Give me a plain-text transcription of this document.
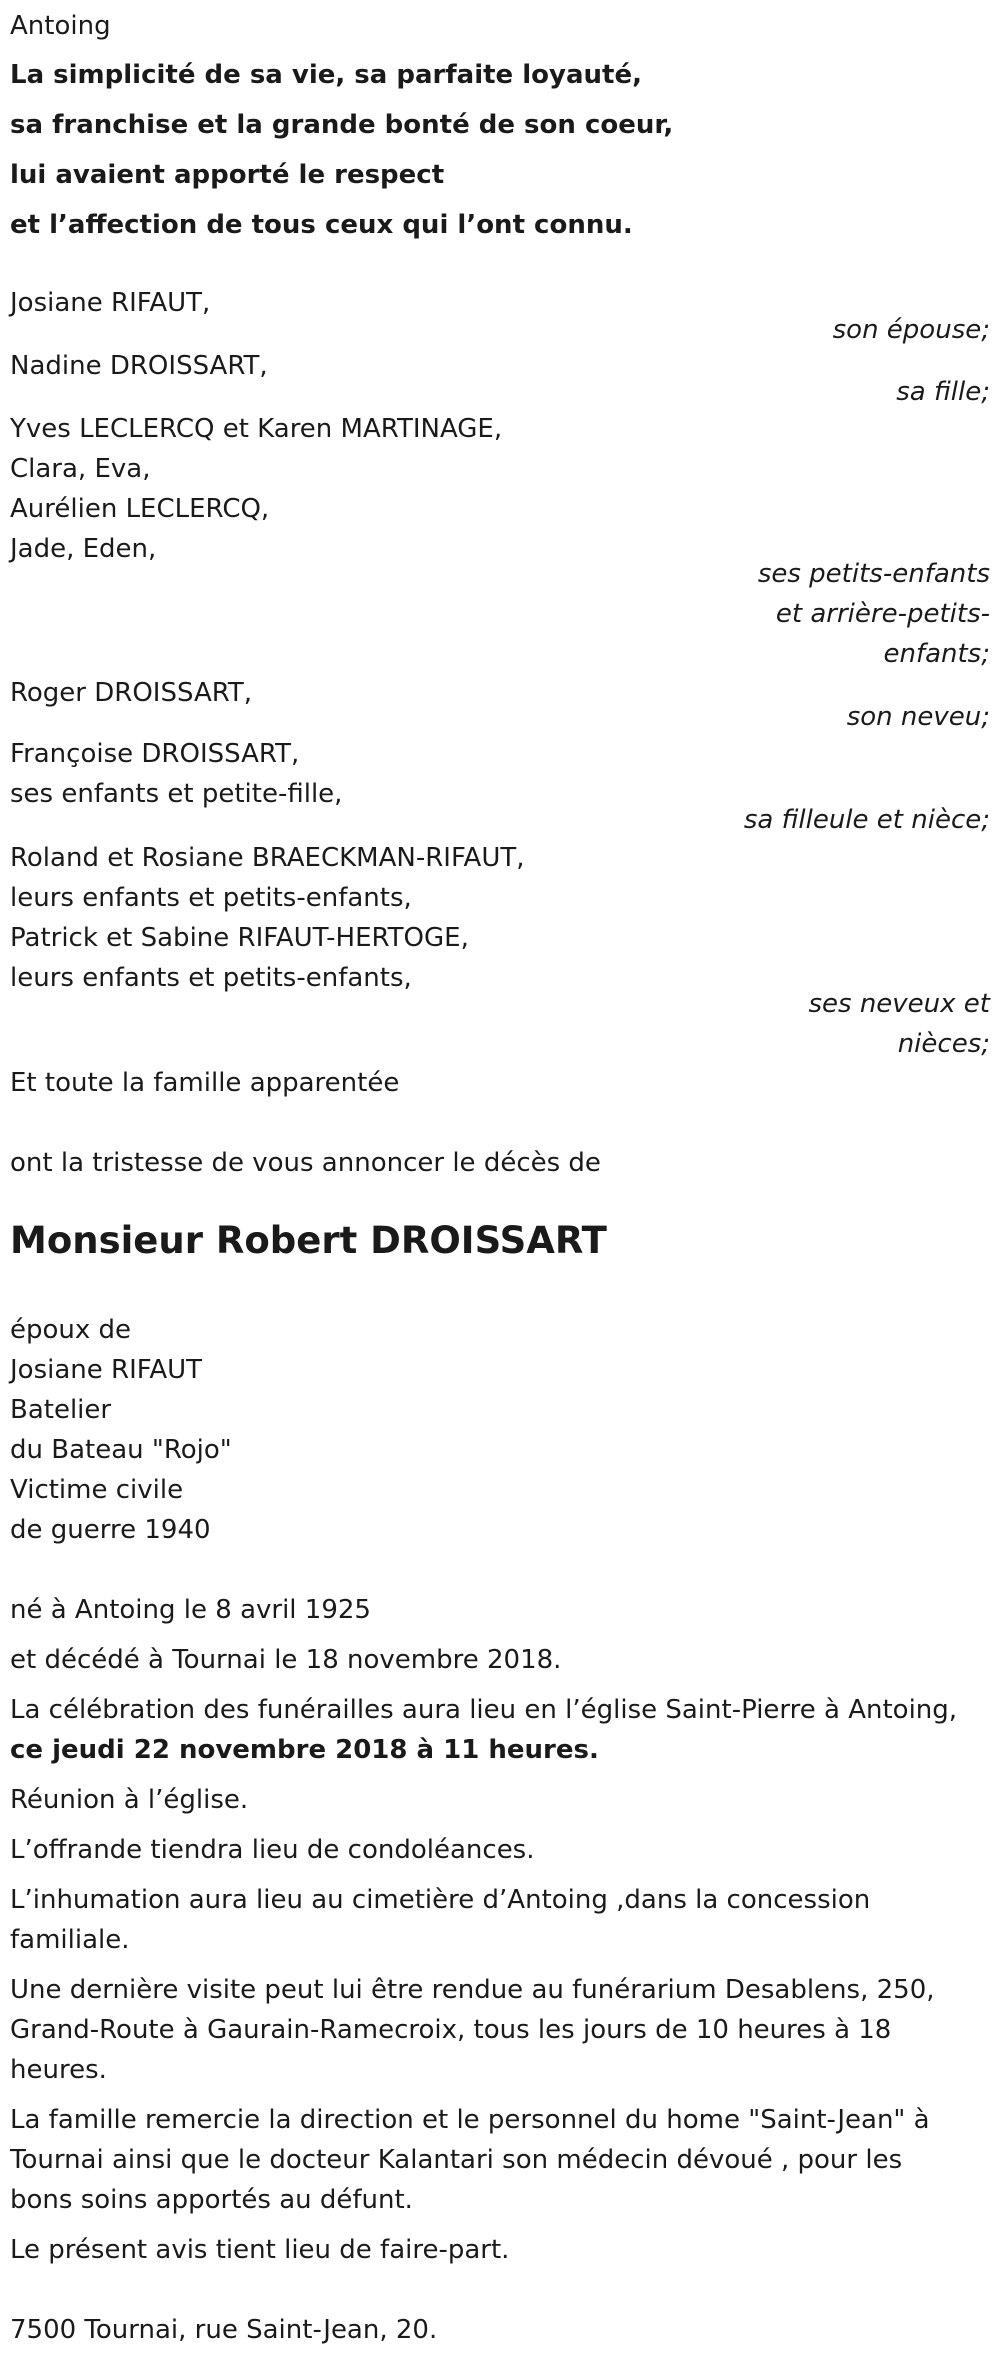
Antoing
La simplicité de sa vie, sa parfaite loyauté,
sa franchise et la grande bonté de son coeur,
lui avaient apporté le respect
et l’affection de tous ceux qui l’ont connu.
Josiane RIFAUT,
son épouse;
Nadine DROISSART,
sa fille;
Yves LECLERCQ et Karen MARTINAGE,
Clara, Eva,
Aurélien LECLERCQ,
Jade, Eden,
ses petits-enfants
et arrière-petits-
enfants;
Roger DROISSART,
son neveu;
Françoise DROISSART,
ses enfants et petite-fille,
sa filleule et nièce;
Roland et Rosiane BRAECKMAN-RIFAUT,
leurs enfants et petits-enfants,
Patrick et Sabine RIFAUT-HERTOGE,
leurs enfants et petits-enfants,
ses neveux et
nièces;
Et toute la famille apparentée
ont la tristesse de vous annoncer le décès de
Monsieur Robert DROISSART
époux de
Josiane RIFAUT
Batelier
du Bateau "Rojo"
Victime civile
de guerre 1940
né à Antoing le 8 avril 1925
et décédé à Tournai le 18 novembre 2018.
La célébration des funérailles aura lieu en l’église Saint-Pierre à Antoing,
ce jeudi 22 novembre 2018 à 11 heures.
Réunion à l’église.
L’offrande tiendra lieu de condoléances.
L’inhumation aura lieu au cimetière d’Antoing ,dans la concession
familiale.
Une dernière visite peut lui être rendue au funérarium Desablens, 250,
Grand-Route à Gaurain-Ramecroix, tous les jours de 10 heures à 18
heures.
La famille remercie la direction et le personnel du home "Saint-Jean" à
Tournai ainsi que le docteur Kalantari son médecin dévoué , pour les
bons soins apportés au défunt.
Le présent avis tient lieu de faire-part.
7500 Tournai, rue Saint-Jean, 20.
